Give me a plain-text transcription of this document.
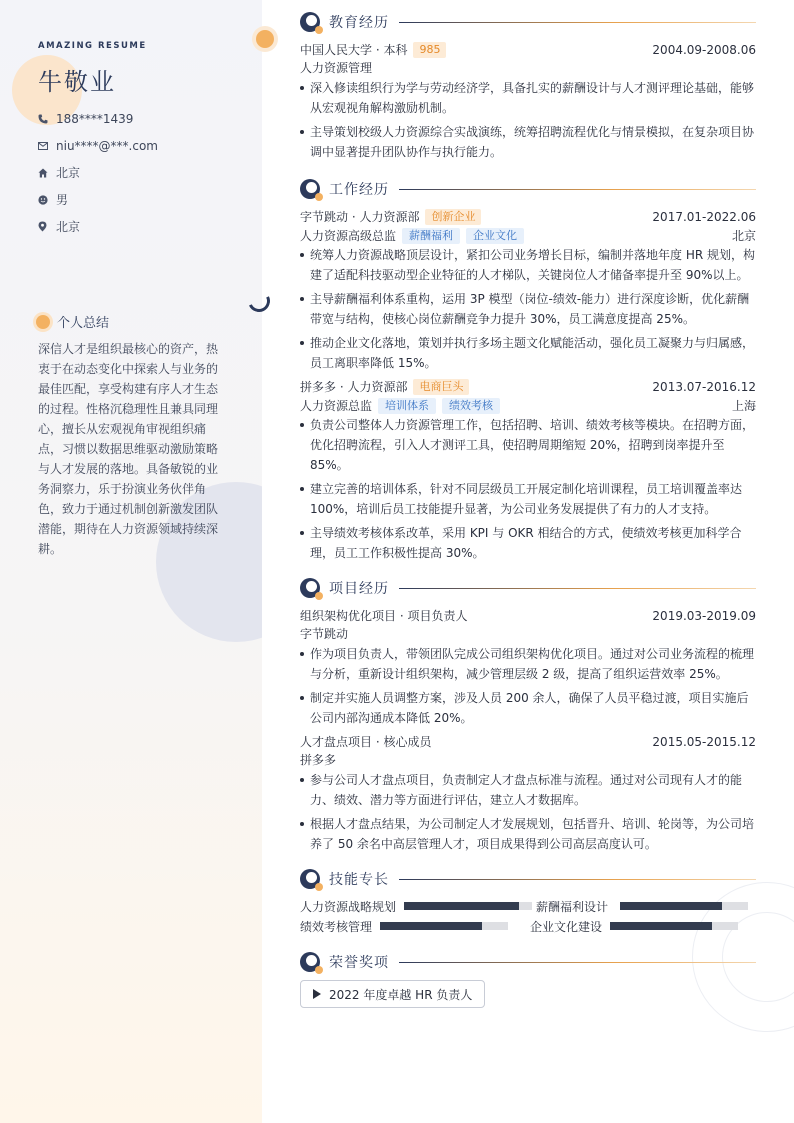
AMAZING RESUME
牛敬业
188****1439
niu****@***.com
北京
男
北京
个人总结
深信人才是组织最核心的资产，热衷于在动态变化中探索人与业务的最佳匹配，享受构建有序人才生态的过程。性格沉稳理性且兼具同理心，擅长从宏观视角审视组织痛点，习惯以数据思维驱动激励策略与人才发展的落地。具备敏锐的业务洞察力，乐于扮演业务伙伴角色，致力于通过机制创新激发团队潜能，期待在人力资源领域持续深耕。
教育经历
中国人民大学 · 本科	985	2004.09-2008.06
人力资源管理
深入修读组织行为学与劳动经济学，具备扎实的薪酬设计与人才测评理论基础，能够从宏观视角解构激励机制。
主导策划校级人力资源综合实战演练，统筹招聘流程优化与情景模拟，在复杂项目协调中显著提升团队协作与执行能力。
工作经历
字节跳动 · 人力资源部	创新企业	2017.01-2022.06
人力资源高级总监	薪酬福利	企业文化	北京
统筹人力资源战略顶层设计，紧扣公司业务增长目标，编制并落地年度 HR 规划，构建了适配科技驱动型企业特征的人才梯队，关键岗位人才储备率提升至 90%以上。
主导薪酬福利体系重构，运用 3P 模型（岗位-绩效-能力）进行深度诊断，优化薪酬带宽与结构，使核心岗位薪酬竞争力提升 30%，员工满意度提高 25%。
推动企业文化落地，策划并执行多场主题文化赋能活动，强化员工凝聚力与归属感，员工离职率降低 15%。
拼多多 · 人力资源部	电商巨头	2013.07-2016.12
人力资源总监	培训体系	绩效考核	上海
负责公司整体人力资源管理工作，包括招聘、培训、绩效考核等模块。在招聘方面，优化招聘流程，引入人才测评工具，使招聘周期缩短 20%，招聘到岗率提升至 85%。
建立完善的培训体系，针对不同层级员工开展定制化培训课程，员工培训覆盖率达 100%，培训后员工技能提升显著，为公司业务发展提供了有力的人才支持。
主导绩效考核体系改革，采用 KPI 与 OKR 相结合的方式，使绩效考核更加科学合理，员工工作积极性提高 30%。
项目经历
组织架构优化项目 · 项目负责人	2019.03-2019.09
字节跳动
作为项目负责人，带领团队完成公司组织架构优化项目。通过对公司业务流程的梳理与分析，重新设计组织架构，减少管理层级 2 级，提高了组织运营效率 25%。
制定并实施人员调整方案，涉及人员 200 余人，确保了人员平稳过渡，项目实施后公司内部沟通成本降低 20%。
人才盘点项目 · 核心成员	2015.05-2015.12
拼多多
参与公司人才盘点项目，负责制定人才盘点标准与流程。通过对公司现有人才的能力、绩效、潜力等方面进行评估，建立人才数据库。
根据人才盘点结果，为公司制定人才发展规划，包括晋升、培训、轮岗等，为公司培养了 50 余名中高层管理人才，项目成果得到公司高层高度认可。
技能专长
人力资源战略规划	薪酬福利设计
绩效考核管理	企业文化建设
荣誉奖项
2022 年度卓越 HR 负责人
